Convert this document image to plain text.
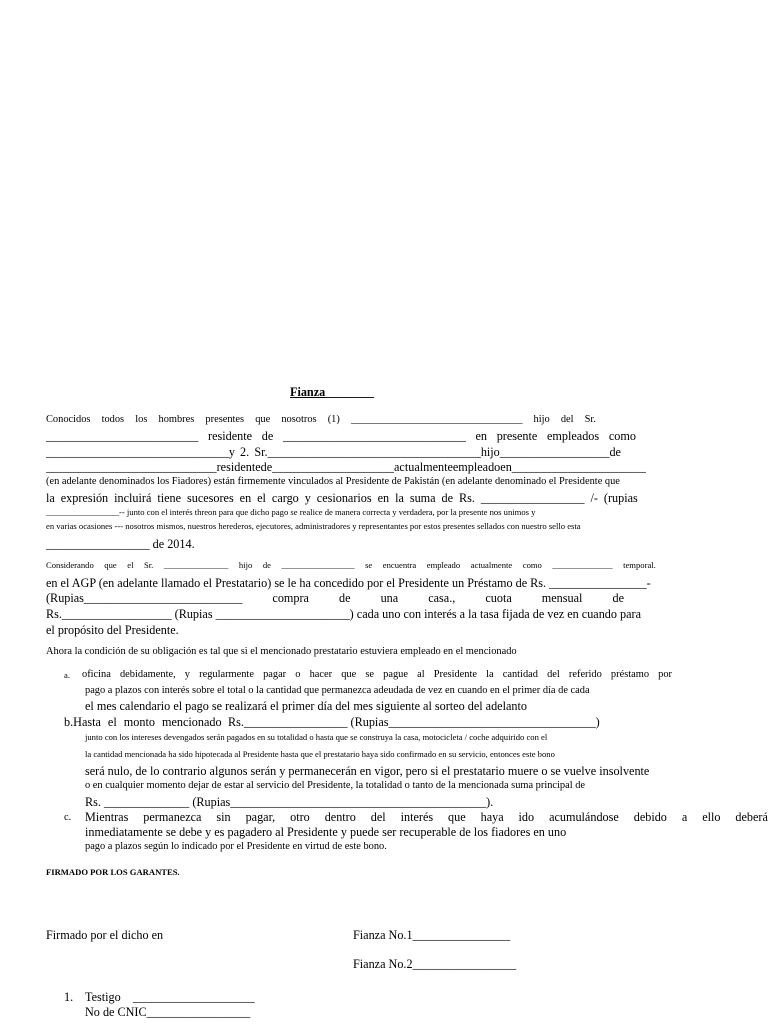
Fianza________
Conocidos todos los hombres presentes que nosotros (1) _________________________________ hijo del Sr.
_________________________ residente de ______________________________ en presente empleados como
______________________________y 2. Sr.___________________________________hijo__________________de
____________________________ residente de ____________________ actualmente empleado en ______________________
(en adelante denominados los Fiadores) están firmemente vinculados al Presidente de Pakistán (en adelante denominado el Presidente que
la expresión incluirá tiene sucesores en el cargo y cesionarios en la suma de Rs. _________________ /- (rupias
_________________-- junto con el interés threon para que dicho pago se realice de manera correcta y verdadera, por la presente nos unimos y
en varias ocasiones --- nosotros mismos, nuestros herederos, ejecutores, administradores y representantes por estos presentes sellados con nuestro sello esta
_________________ de 2014.
Considerando que el Sr. _______________ hijo de _________________ se encuentra empleado actualmente como ______________ temporal.
en el AGP (en adelante llamado el Prestatario) se le ha concedido por el Presidente un Préstamo de Rs. ________________-
(Rupias__________________________ compra de una casa., cuota mensual de
Rs.__________________ (Rupias ______________________) cada uno con interés a la tasa fijada de vez en cuando para
el propósito del Presidente.
Ahora la condición de su obligación es tal que si el mencionado prestatario estuviera empleado en el mencionado
a. oficina debidamente, y regularmente pagar o hacer que se pague al Presidente la cantidad del referido préstamo por
pago a plazos con interés sobre el total o la cantidad que permanezca adeudada de vez en cuando en el primer día de cada
el mes calendario el pago se realizará el primer día del mes siguiente al sorteo del adelanto
b.Hasta el monto mencionado Rs._________________ (Rupias__________________________________)
junto con los intereses devengados serán pagados en su totalidad o hasta que se construya la casa, motocicleta / coche adquirido con el
la cantidad mencionada ha sido hipotecada al Presidente hasta que el prestatario haya sido confirmado en su servicio, entonces este bono
será nulo, de lo contrario algunos serán y permanecerán en vigor, pero si el prestatario muere o se vuelve insolvente
o en cualquier momento dejar de estar al servicio del Presidente, la totalidad o tanto de la mencionada suma principal de
Rs. ______________ (Rupias__________________________________________).
c. Mientras permanezca sin pagar, otro dentro del interés que haya ido acumulándose debido a ello deberá
inmediatamente se debe y es pagadero al Presidente y puede ser recuperable de los fiadores en uno
pago a plazos según lo indicado por el Presidente en virtud de este bono.
FIRMADO POR LOS GARANTES.
Firmado por el dicho en	Fianza No.1________________
Fianza No.2_________________
1. Testigo    ____________________
No de CNIC_________________
